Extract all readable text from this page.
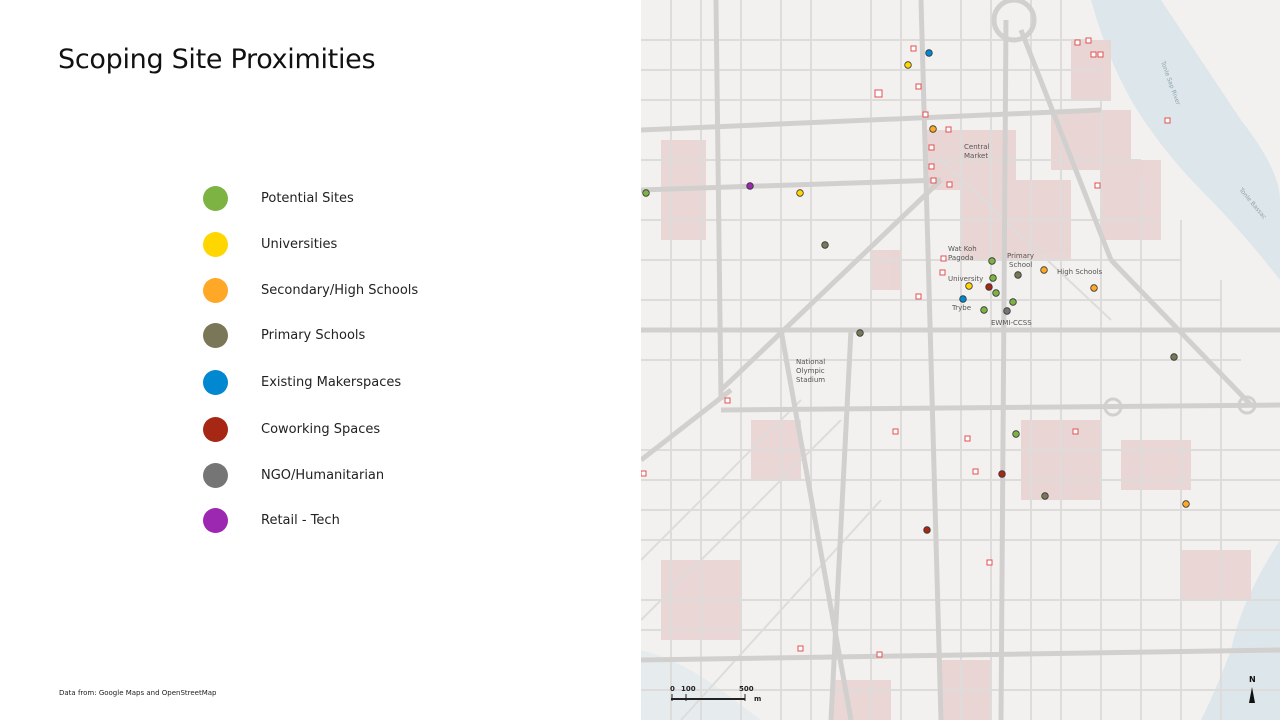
Scoping Site Proximities
Potential Sites
Universities
Secondary/High Schools
Primary Schools
Existing Makerspaces
Coworking Spaces
NGO/Humanitarian
Retail - Tech
Data from: Google Maps and OpenStreetMap
Central
Market
Wat Koh
Pagoda	Primary
School
High Schools
University
Trybe
EWMI-CCSS
National
Olympic
Stadium
Tonle Sap River
Tonle Bassac
0 100	500
m
N
